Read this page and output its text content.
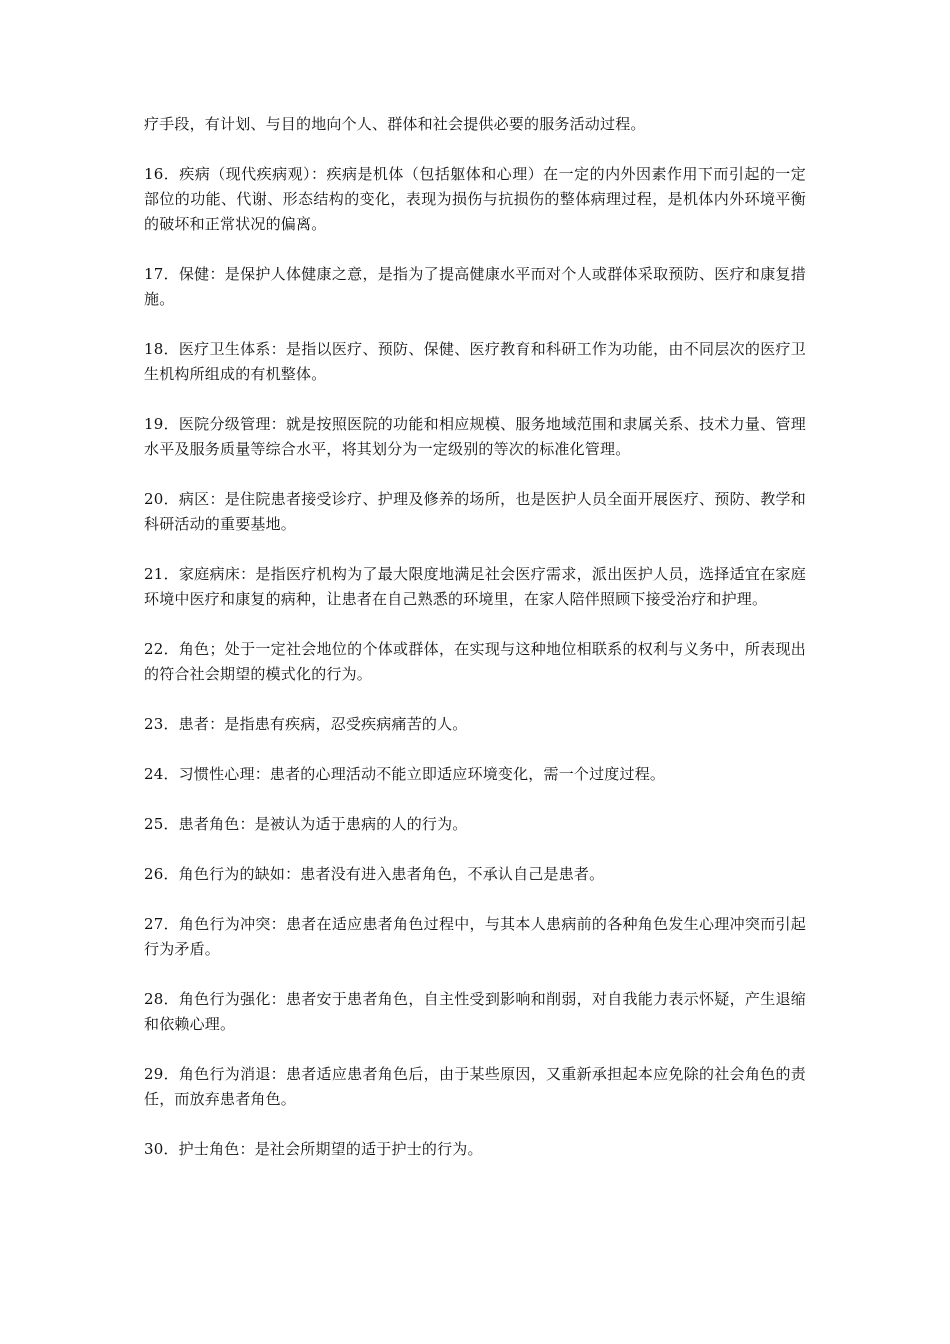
疗手段，有计划、与目的地向个人、群体和社会提供必要的服务活动过程。

16．疾病（现代疾病观）：疾病是机体（包括躯体和心理）在一定的内外因素作用下而引起的一定部位的功能、代谢、形态结构的变化，表现为损伤与抗损伤的整体病理过程，是机体内外环境平衡的破坏和正常状况的偏离。

17．保健：是保护人体健康之意，是指为了提高健康水平而对个人或群体采取预防、医疗和康复措施。

18．医疗卫生体系：是指以医疗、预防、保健、医疗教育和科研工作为功能，由不同层次的医疗卫生机构所组成的有机整体。

19．医院分级管理：就是按照医院的功能和相应规模、服务地域范围和隶属关系、技术力量、管理水平及服务质量等综合水平，将其划分为一定级别的等次的标准化管理。

20．病区：是住院患者接受诊疗、护理及修养的场所，也是医护人员全面开展医疗、预防、教学和科研活动的重要基地。

21．家庭病床：是指医疗机构为了最大限度地满足社会医疗需求，派出医护人员，选择适宜在家庭环境中医疗和康复的病种，让患者在自己熟悉的环境里，在家人陪伴照顾下接受治疗和护理。

22．角色；处于一定社会地位的个体或群体，在实现与这种地位相联系的权利与义务中，所表现出的符合社会期望的模式化的行为。

23．患者：是指患有疾病，忍受疾病痛苦的人。

24．习惯性心理：患者的心理活动不能立即适应环境变化，需一个过度过程。

25．患者角色：是被认为适于患病的人的行为。

26．角色行为的缺如：患者没有进入患者角色，不承认自己是患者。

27．角色行为冲突：患者在适应患者角色过程中，与其本人患病前的各种角色发生心理冲突而引起行为矛盾。

28．角色行为强化：患者安于患者角色，自主性受到影响和削弱，对自我能力表示怀疑，产生退缩和依赖心理。

29．角色行为消退：患者适应患者角色后，由于某些原因，又重新承担起本应免除的社会角色的责任，而放弃患者角色。

30．护士角色：是社会所期望的适于护士的行为。
